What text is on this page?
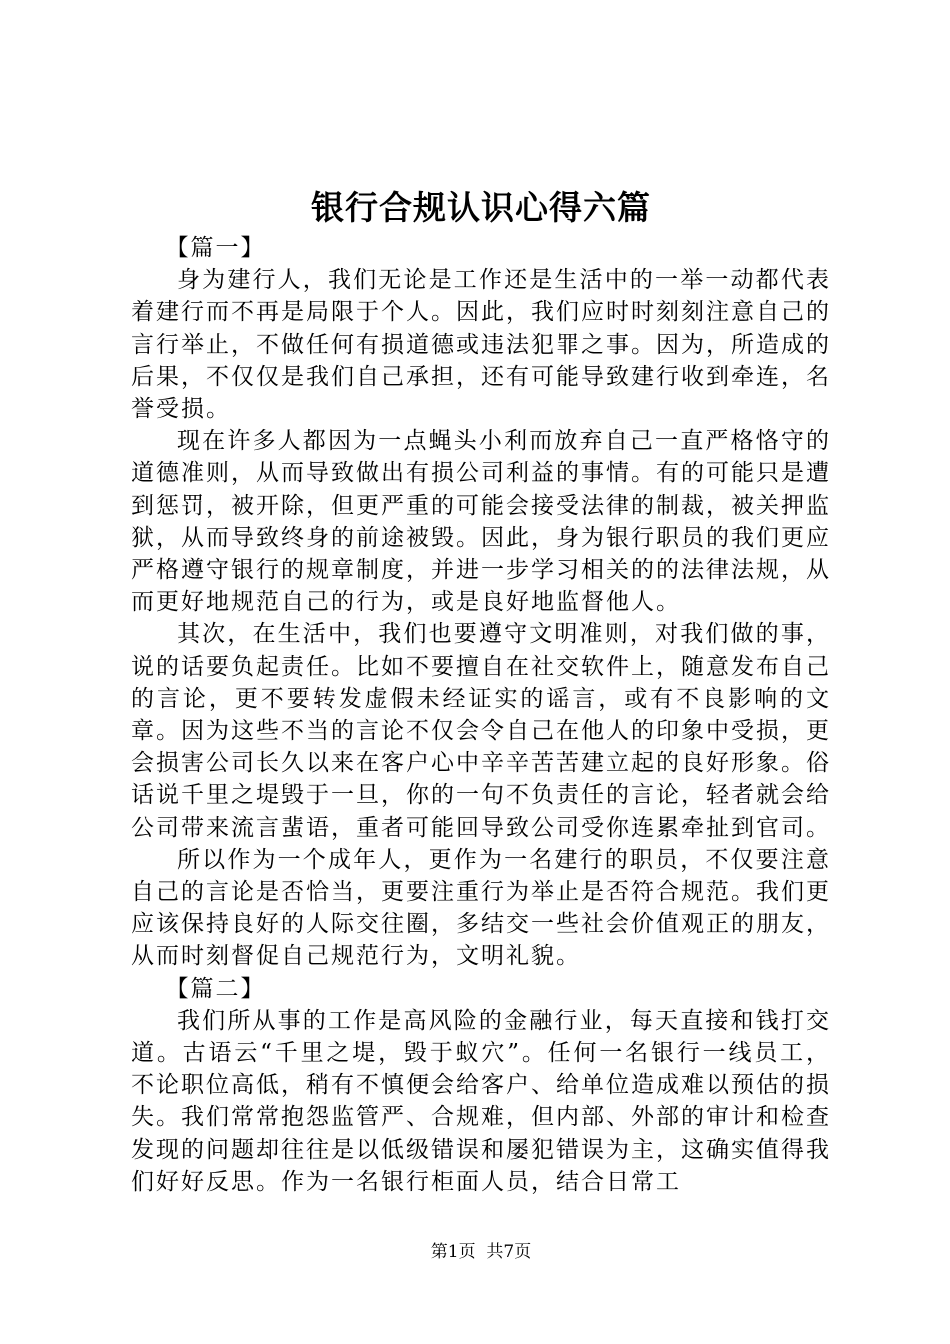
银行合规认识心得六篇

【篇一】

身为建行人，我们无论是工作还是生活中的一举一动都代表着建行而不再是局限于个人。因此，我们应时时刻刻注意自己的言行举止，不做任何有损道德或违法犯罪之事。因为，所造成的后果，不仅仅是我们自己承担，还有可能导致建行收到牵连，名誉受损。

现在许多人都因为一点蝇头小利而放弃自己一直严格恪守的道德准则，从而导致做出有损公司利益的事情。有的可能只是遭到惩罚，被开除，但更严重的可能会接受法律的制裁，被关押监狱，从而导致终身的前途被毁。因此，身为银行职员的我们更应严格遵守银行的规章制度，并进一步学习相关的的法律法规，从而更好地规范自己的行为，或是良好地监督他人。

其次，在生活中，我们也要遵守文明准则，对我们做的事，说的话要负起责任。比如不要擅自在社交软件上，随意发布自己的言论，更不要转发虚假未经证实的谣言，或有不良影响的文章。因为这些不当的言论不仅会令自己在他人的印象中受损，更会损害公司长久以来在客户心中辛辛苦苦建立起的良好形象。俗话说千里之堤毁于一旦，你的一句不负责任的言论，轻者就会给公司带来流言蜚语，重者可能回导致公司受你连累牵扯到官司。

所以作为一个成年人，更作为一名建行的职员，不仅要注意自己的言论是否恰当，更要注重行为举止是否符合规范。我们更应该保持良好的人际交往圈，多结交一些社会价值观正的朋友，从而时刻督促自己规范行为，文明礼貌。

【篇二】

我们所从事的工作是高风险的金融行业，每天直接和钱打交道。古语云“千里之堤，毁于蚁穴”。任何一名银行一线员工，不论职位高低，稍有不慎便会给客户、给单位造成难以预估的损失。我们常常抱怨监管严、合规难，但内部、外部的审计和检查发现的问题却往往是以低级错误和屡犯错误为主，这确实值得我们好好反思。作为一名银行柜面人员，结合日常工

第1页  共7页
